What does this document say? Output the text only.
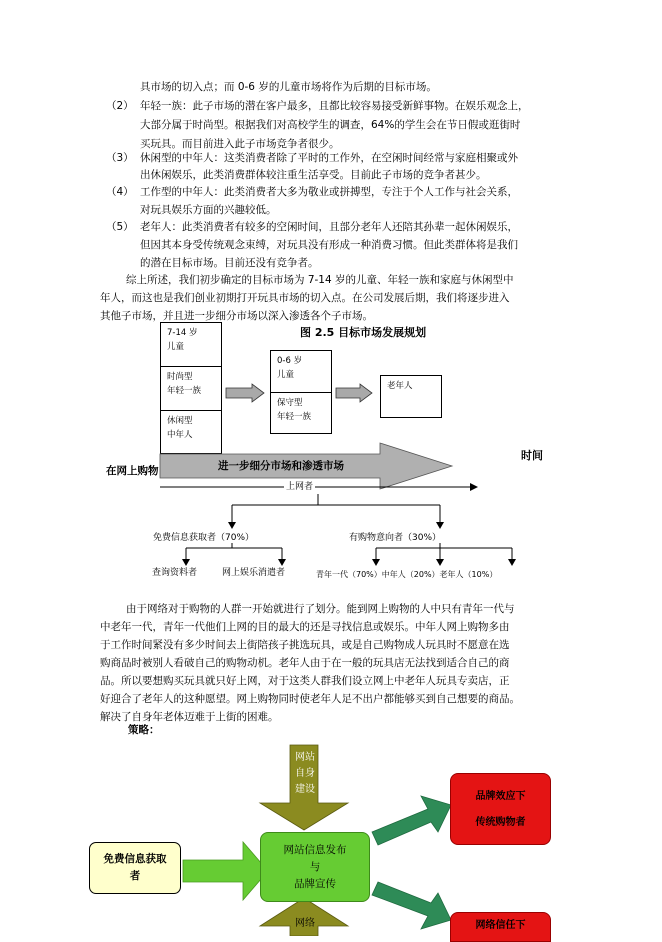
具市场的切入点；而 0-6 岁的儿童市场将作为后期的目标市场。
（2） 年轻一族：此子市场的潜在客户最多，且都比较容易接受新鲜事物。在娱乐观念上，
大部分属于时尚型。根据我们对高校学生的调查，64%的学生会在节日假或逛街时
买玩具。而目前进入此子市场竞争者很少。
（3） 休闲型的中年人：这类消费者除了平时的工作外，在空闲时间经常与家庭相聚或外
出休闲娱乐，此类消费群体较注重生活享受。目前此子市场的竞争者甚少。
（4） 工作型的中年人：此类消费者大多为敬业或拼搏型，专注于个人工作与社会关系，
对玩具娱乐方面的兴趣较低。
（5） 老年人：此类消费者有较多的空闲时间，且部分老年人还陪其孙辈一起休闲娱乐，
但因其本身受传统观念束缚，对玩具没有形成一种消费习惯。但此类群体将是我们
的潜在目标市场。目前还没有竞争者。
综上所述，我们初步确定的目标市场为 7-14 岁的儿童、年轻一族和家庭与休闲型中
年人，而这也是我们创业初期打开玩具市场的切入点。在公司发展后期，我们将逐步进入
其他子市场，并且进一步细分市场以深入渗透各个子市场。
图 2.5 目标市场发展规划
7-14 岁
儿童
时尚型
年轻一族
休闲型
中年人
0-6 岁
儿童
保守型
年轻一族
老年人
进一步细分市场和渗透市场
在网上购物
时间
上网者
免费信息获取者（70%）	有购物意向者（30%）
查询资料者	网上娱乐消遣者	青年一代（70%）中年人（20%）老年人（10%）
由于网络对于购物的人群一开始就进行了划分。能到网上购物的人中只有青年一代与
中老年一代，青年一代他们上网的目的最大的还是寻找信息或娱乐。中年人网上购物多由
于工作时间紧没有多少时间去上街陪孩子挑选玩具，或是自己购物成人玩具时不愿意在选
购商品时被别人看破自己的购物动机。老年人由于在一般的玩具店无法找到适合自己的商
品。所以要想购买玩具就只好上网，对于这类人群我们设立网上中老年人玩具专卖店，正
好迎合了老年人的这种愿望。网上购物同时使老年人足不出户都能够买到自己想要的商品。
解决了自身年老体迈难于上街的困难。
策略：
网站
自身
建设
免费信息获取
者
网站信息发布
与
品牌宣传
品牌效应下

传统购物者
网络信任下
网络
